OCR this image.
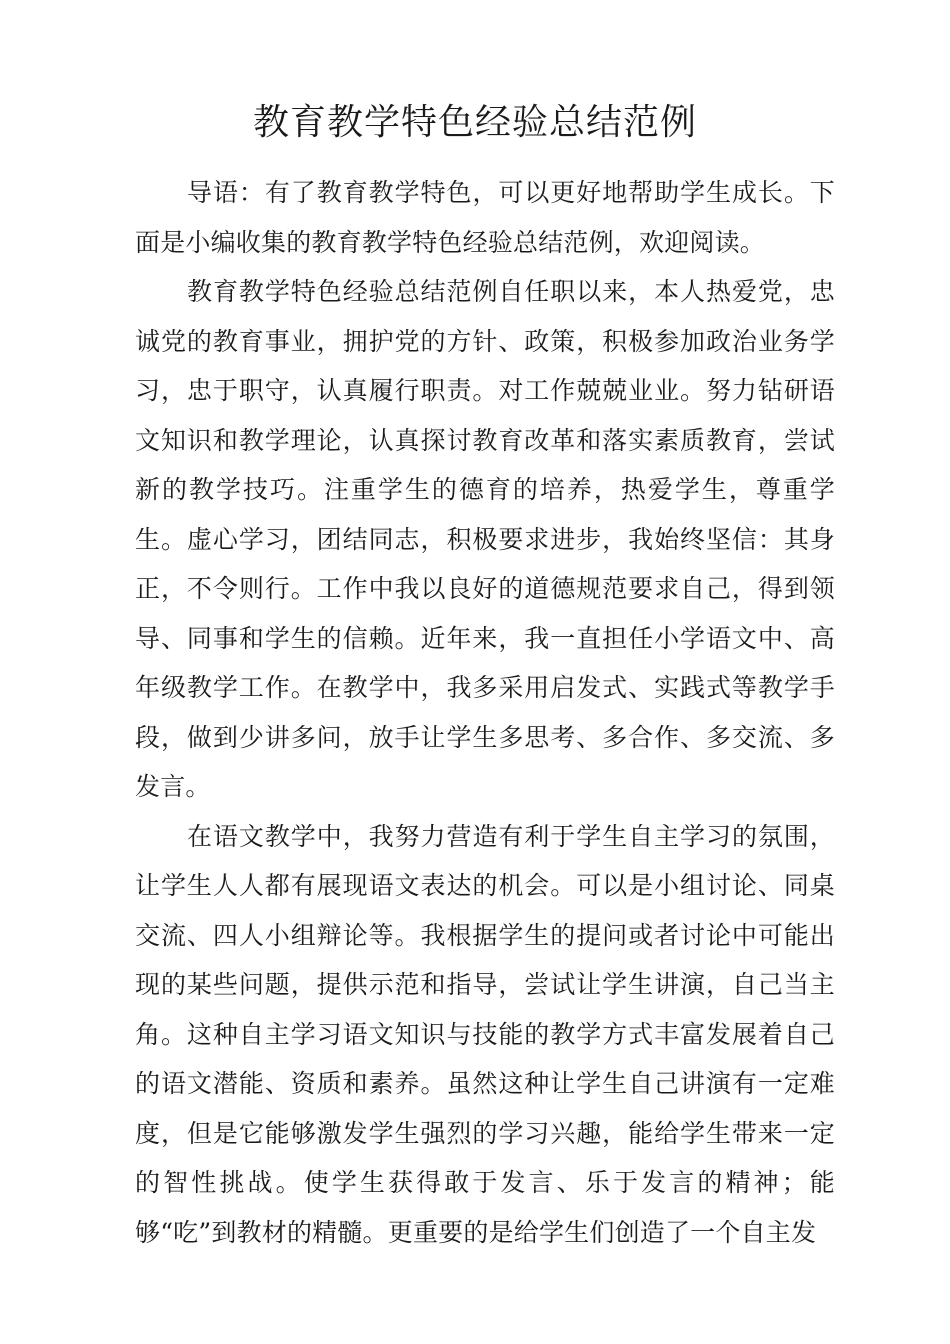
教育教学特色经验总结范例

导语：有了教育教学特色，可以更好地帮助学生成长。下面是小编收集的教育教学特色经验总结范例，欢迎阅读。

教育教学特色经验总结范例自任职以来，本人热爱党，忠诚党的教育事业，拥护党的方针、政策，积极参加政治业务学习，忠于职守，认真履行职责。对工作兢兢业业。努力钻研语文知识和教学理论，认真探讨教育改革和落实素质教育，尝试新的教学技巧。注重学生的德育的培养，热爱学生，尊重学生。虚心学习，团结同志，积极要求进步，我始终坚信：其身正，不令则行。工作中我以良好的道德规范要求自己，得到领导、同事和学生的信赖。近年来，我一直担任小学语文中、高年级教学工作。在教学中，我多采用启发式、实践式等教学手段，做到少讲多问，放手让学生多思考、多合作、多交流、多发言。

在语文教学中，我努力营造有利于学生自主学习的氛围，让学生人人都有展现语文表达的机会。可以是小组讨论、同桌交流、四人小组辩论等。我根据学生的提问或者讨论中可能出现的某些问题，提供示范和指导，尝试让学生讲演，自己当主角。这种自主学习语文知识与技能的教学方式丰富发展着自己的语文潜能、资质和素养。虽然这种让学生自己讲演有一定难度，但是它能够激发学生强烈的学习兴趣，能给学生带来一定的智性挑战。使学生获得敢于发言、乐于发言的精神；能够“吃”到教材的精髓。更重要的是给学生们创造了一个自主发
